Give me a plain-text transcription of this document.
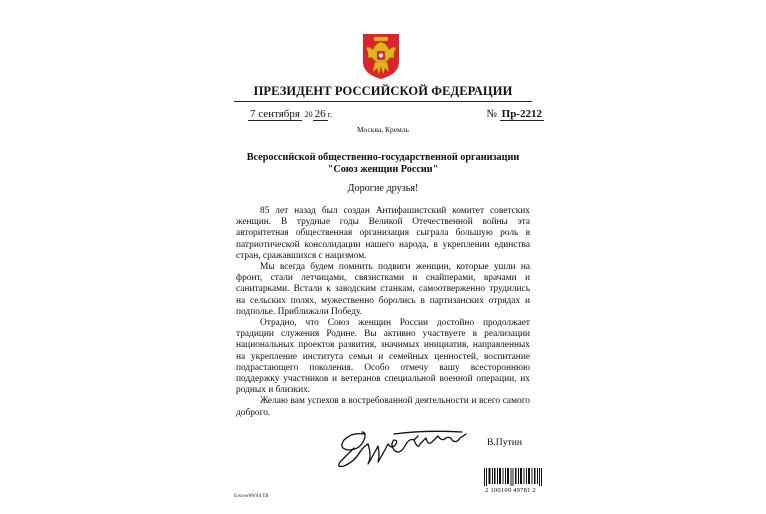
ПРЕЗИДЕНТ РОССИЙСКОЙ ФЕДЕРАЦИИ
7 сентября 20 26 г.	№ Пр-2212
Москва, Кремль
Всероссийской общественно-государственной организации
"Союз женщин России"
Дорогие друзья!

85 лет назад был создан Антифашистский комитет советских женщин. В трудные годы Великой Отечественной войны эта авторитетная общественная организация сыграла большую роль в патриотической консолидации нашего народа, в укреплении единства стран, сражавшихся с нацизмом.

Мы всегда будем помнить подвиги женщин, которые ушли на фронт, стали летчицами, связистками и снайперами, врачами и санитарками. Встали к заводским станкам, самоотверженно трудились на сельских полях, мужественно боролись в партизанских отрядах и подполье. Приближали Победу.

Отрадно, что Союз женщин России достойно продолжает традиции служения Родине. Вы активно участвуете в реализации национальных проектов развития, значимых инициатив, направленных на укрепление института семьи и семейных ценностей, воспитание подрастающего поколения. Особо отмечу вашу всестороннюю поддержку участников и ветеранов специальной военной операции, их родных и близких.

Желаю вам успехов в востребованной деятельности и всего самого доброго.

В.Путин
2 100109 49781 2
Бланк99/44 ЕВ
